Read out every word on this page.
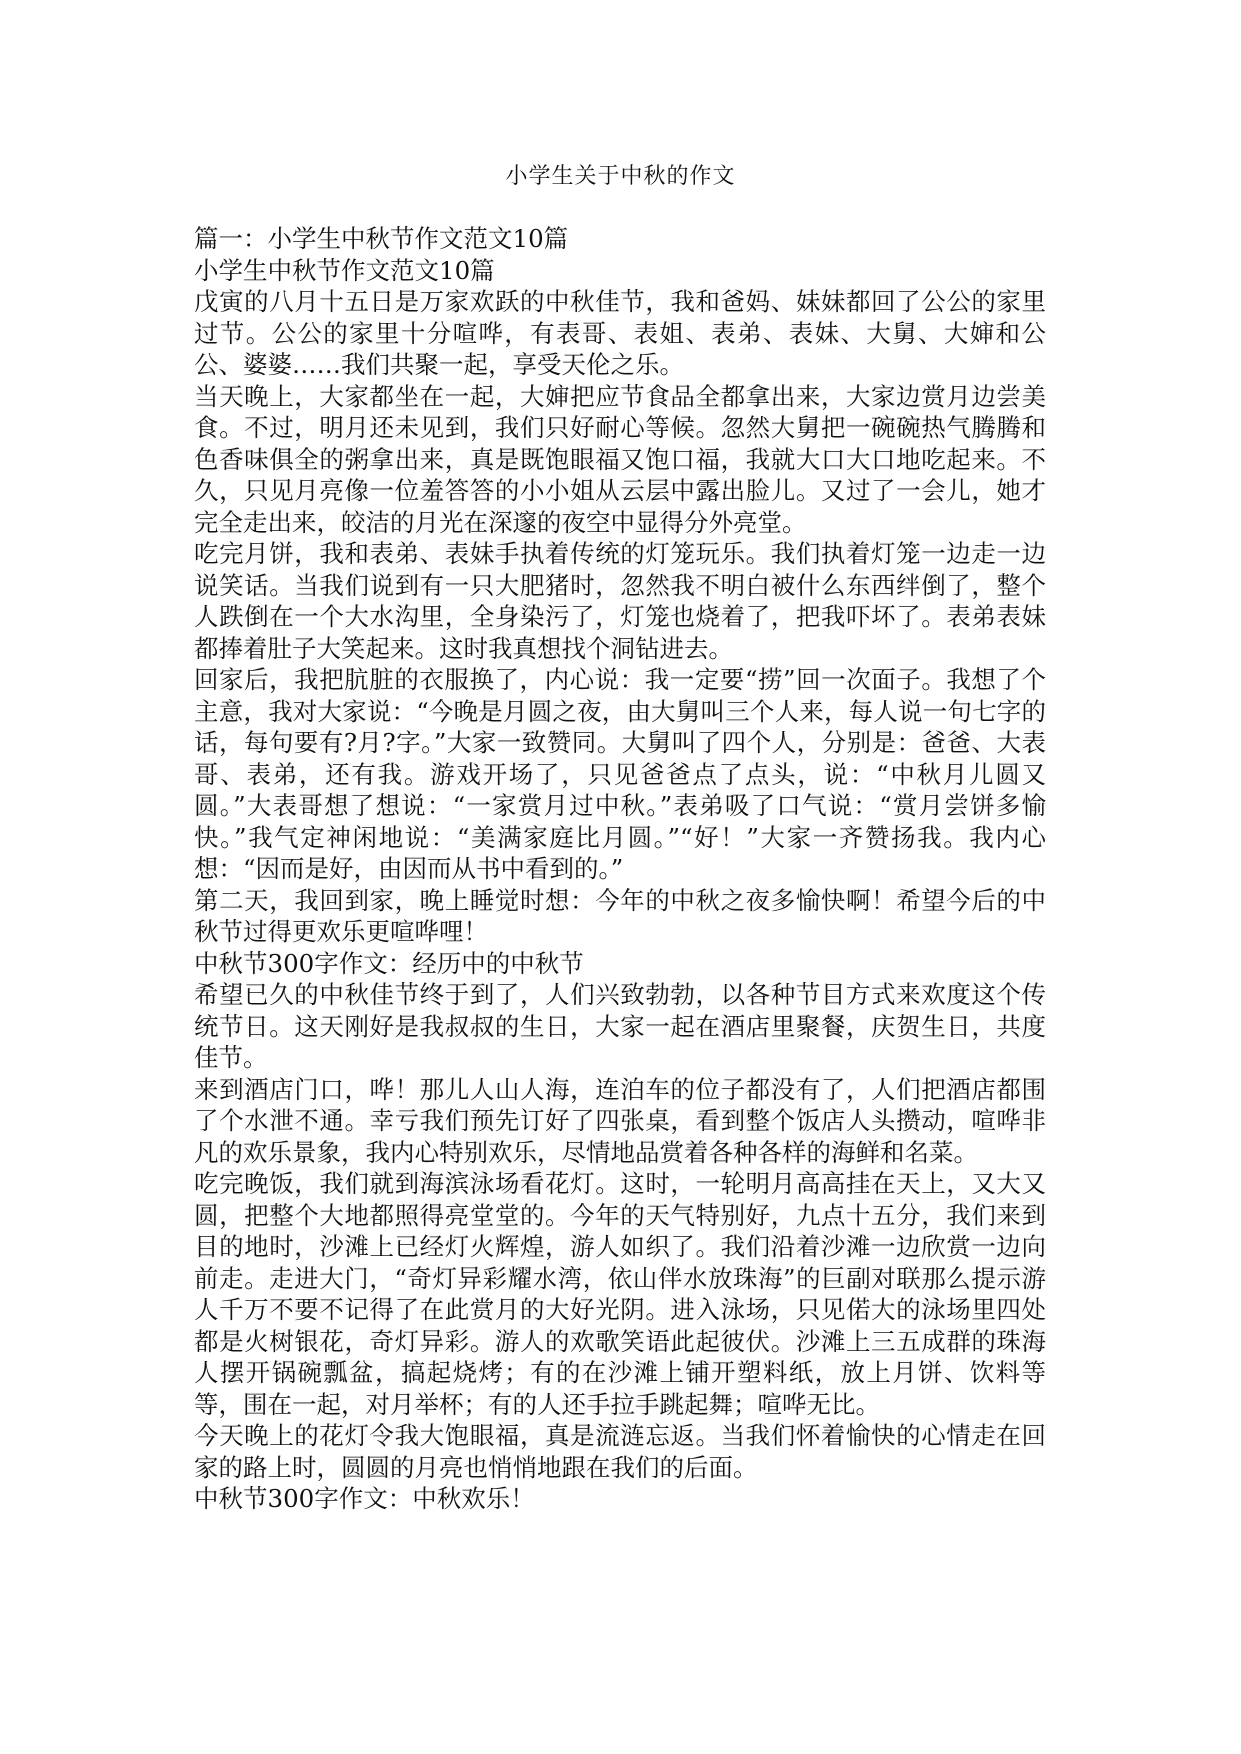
小学生关于中秋的作文

篇一：小学生中秋节作文范文10篇

小学生中秋节作文范文10篇

戊寅的八月十五日是万家欢跃的中秋佳节，我和爸妈、妹妹都回了公公的家里过节。公公的家里十分喧哗，有表哥、表姐、表弟、表妹、大舅、大婶和公公、婆婆……我们共聚一起，享受天伦之乐。

当天晚上，大家都坐在一起，大婶把应节食品全都拿出来，大家边赏月边尝美食。不过，明月还未见到，我们只好耐心等候。忽然大舅把一碗碗热气腾腾和色香味俱全的粥拿出来，真是既饱眼福又饱口福，我就大口大口地吃起来。不久，只见月亮像一位羞答答的小小姐从云层中露出脸儿。又过了一会儿，她才完全走出来，皎洁的月光在深邃的夜空中显得分外亮堂。

吃完月饼，我和表弟、表妹手执着传统的灯笼玩乐。我们执着灯笼一边走一边说笑话。当我们说到有一只大肥猪时，忽然我不明白被什么东西绊倒了，整个人跌倒在一个大水沟里，全身染污了，灯笼也烧着了，把我吓坏了。表弟表妹都捧着肚子大笑起来。这时我真想找个洞钻进去。

回家后，我把肮脏的衣服换了，内心说：我一定要“捞”回一次面子。我想了个主意，我对大家说：“今晚是月圆之夜，由大舅叫三个人来，每人说一句七字的话，每句要有?月?字。”大家一致赞同。大舅叫了四个人，分别是：爸爸、大表哥、表弟，还有我。游戏开场了，只见爸爸点了点头，说：“中秋月儿圆又圆。”大表哥想了想说：“一家赏月过中秋。”表弟吸了口气说：“赏月尝饼多愉快。”我气定神闲地说：“美满家庭比月圆。”“好！”大家一齐赞扬我。我内心想：“因而是好，由因而从书中看到的。”

第二天，我回到家，晚上睡觉时想：今年的中秋之夜多愉快啊！希望今后的中秋节过得更欢乐更喧哗哩！

中秋节300字作文：经历中的中秋节

希望已久的中秋佳节终于到了，人们兴致勃勃，以各种节目方式来欢度这个传统节日。这天刚好是我叔叔的生日，大家一起在酒店里聚餐，庆贺生日，共度佳节。

来到酒店门口，哗！那儿人山人海，连泊车的位子都没有了，人们把酒店都围了个水泄不通。幸亏我们预先订好了四张桌，看到整个饭店人头攒动，喧哗非凡的欢乐景象，我内心特别欢乐，尽情地品赏着各种各样的海鲜和名菜。

吃完晚饭，我们就到海滨泳场看花灯。这时，一轮明月高高挂在天上，又大又圆，把整个大地都照得亮堂堂的。今年的天气特别好，九点十五分，我们来到目的地时，沙滩上已经灯火辉煌，游人如织了。我们沿着沙滩一边欣赏一边向前走。走进大门，“奇灯异彩耀水湾，依山伴水放珠海”的巨副对联那么提示游人千万不要不记得了在此赏月的大好光阴。进入泳场，只见偌大的泳场里四处都是火树银花，奇灯异彩。游人的欢歌笑语此起彼伏。沙滩上三五成群的珠海人摆开锅碗瓢盆，搞起烧烤；有的在沙滩上铺开塑料纸，放上月饼、饮料等等，围在一起，对月举杯；有的人还手拉手跳起舞；喧哗无比。

今天晚上的花灯令我大饱眼福，真是流涟忘返。当我们怀着愉快的心情走在回家的路上时，圆圆的月亮也悄悄地跟在我们的后面。

中秋节300字作文：中秋欢乐！
